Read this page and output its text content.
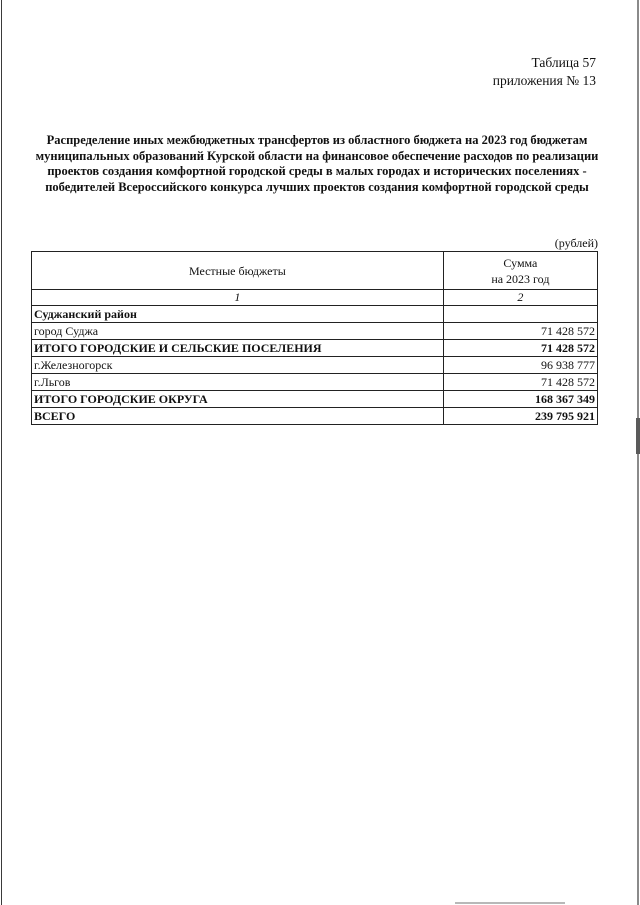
Таблица 57
приложения № 13
Распределение иных межбюджетных трансфертов из областного бюджета на 2023 год бюджетам муниципальных образований Курской области на финансовое обеспечение расходов по реализации проектов создания комфортной городской среды в малых городах и исторических поселениях - победителей Всероссийского конкурса лучших проектов создания комфортной городской среды
(рублей)
Местные бюджеты	Сумма
на 2023 год

1	2
Суджанский район	
город Суджа	71 428 572
ИТОГО ГОРОДСКИЕ И СЕЛЬСКИЕ ПОСЕЛЕНИЯ	71 428 572
г.Железногорск	96 938 777
г.Льгов	71 428 572
ИТОГО ГОРОДСКИЕ ОКРУГА	168 367 349
ВСЕГО	239 795 921
